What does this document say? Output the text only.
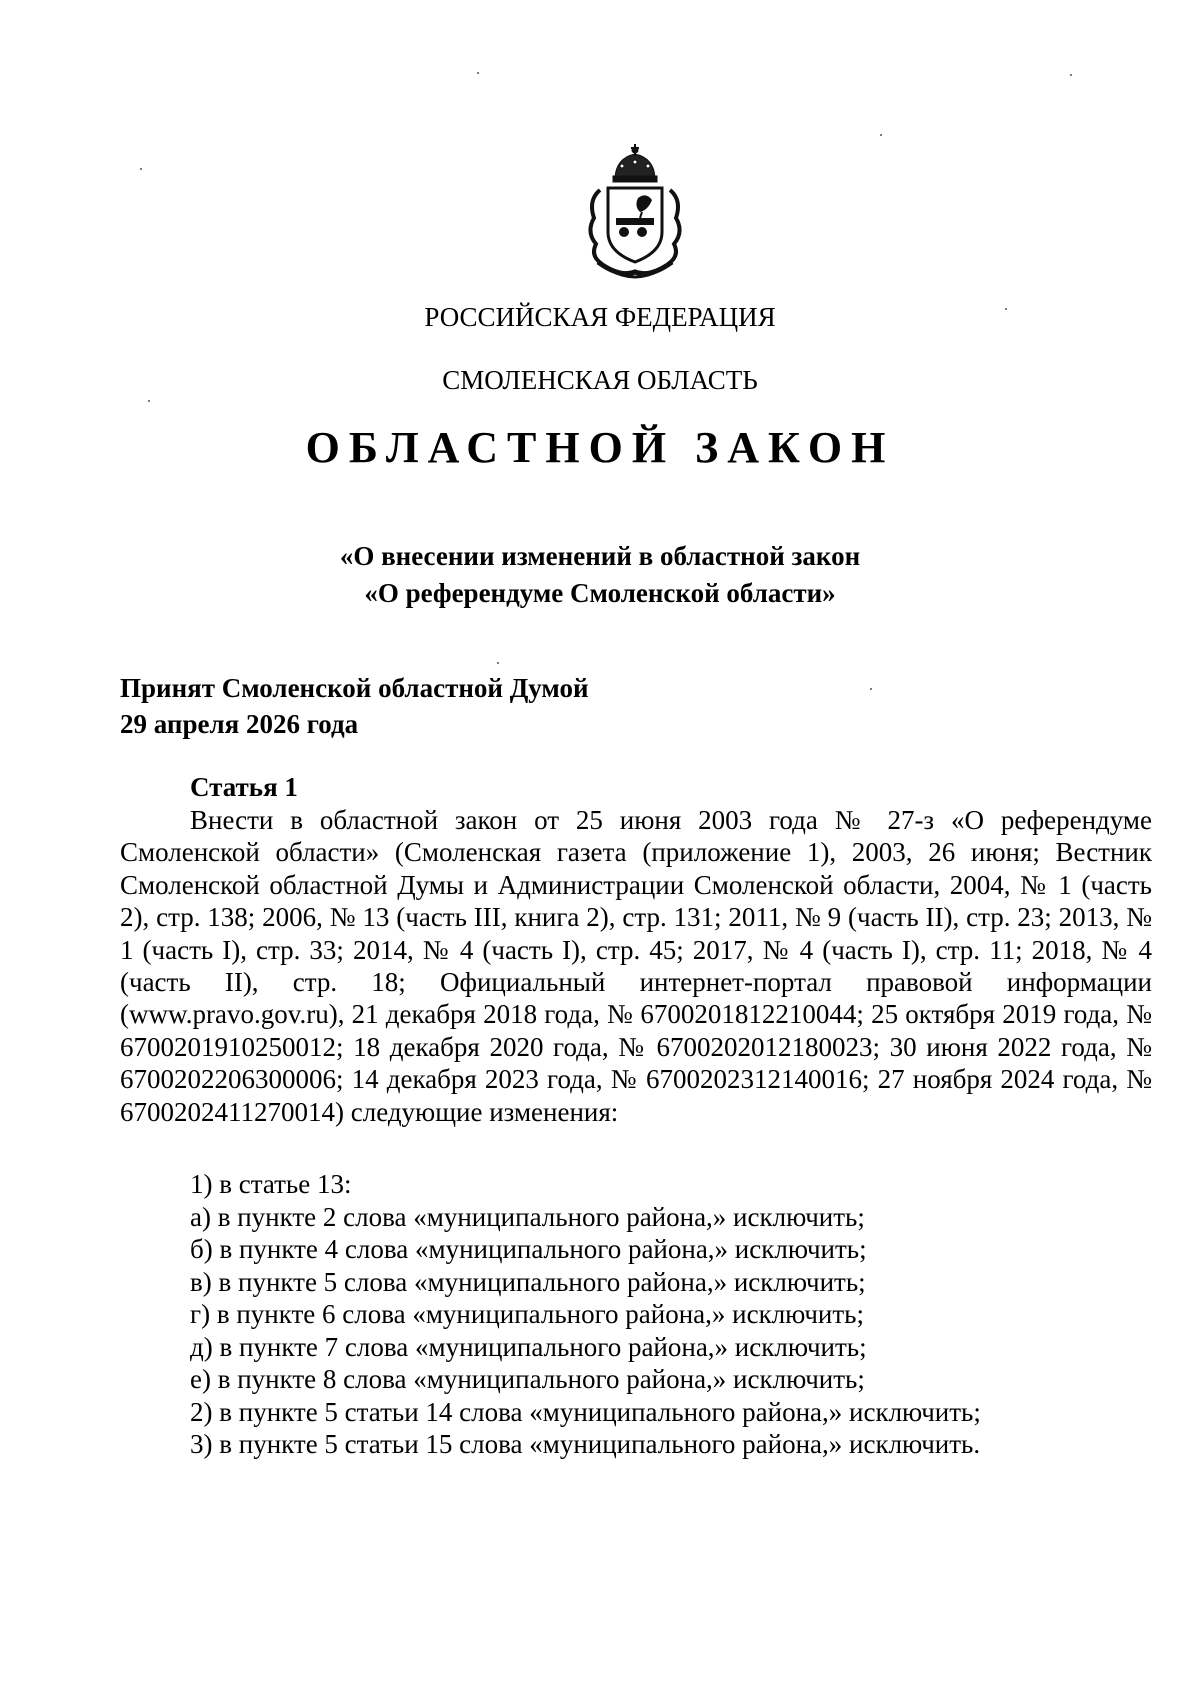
РОССИЙСКАЯ ФЕДЕРАЦИЯ
СМОЛЕНСКАЯ ОБЛАСТЬ
ОБЛАСТНОЙ ЗАКОН
«О внесении изменений в областной закон
«О референдуме Смоленской области»
Принят Смоленской областной Думой
29 апреля 2026 года
Статья 1
Внести в областной закон от 25 июня 2003 года № 27-з «О референдуме Смоленской области» (Смоленская газета (приложение 1), 2003, 26 июня; Вестник Смоленской областной Думы и Администрации Смоленской области, 2004, № 1 (часть 2), стр. 138; 2006, № 13 (часть III, книга 2), стр. 131; 2011, № 9 (часть II), стр. 23; 2013, № 1 (часть I), стр. 33; 2014, № 4 (часть I), стр. 45; 2017, № 4 (часть I), стр. 11; 2018, № 4 (часть II), стр. 18; Официальный интернет-портал правовой информации (www.pravo.gov.ru), 21 декабря 2018 года, № 6700201812210044; 25 октября 2019 года, № 6700201910250012; 18 декабря 2020 года, № 6700202012180023; 30 июня 2022 года, № 6700202206300006; 14 декабря 2023 года, № 6700202312140016; 27 ноября 2024 года, № 6700202411270014) следующие изменения:
1) в статье 13:
а) в пункте 2 слова «муниципального района,» исключить;
б) в пункте 4 слова «муниципального района,» исключить;
в) в пункте 5 слова «муниципального района,» исключить;
г) в пункте 6 слова «муниципального района,» исключить;
д) в пункте 7 слова «муниципального района,» исключить;
е) в пункте 8 слова «муниципального района,» исключить;
2) в пункте 5 статьи 14 слова «муниципального района,» исключить;
3) в пункте 5 статьи 15 слова «муниципального района,» исключить.
